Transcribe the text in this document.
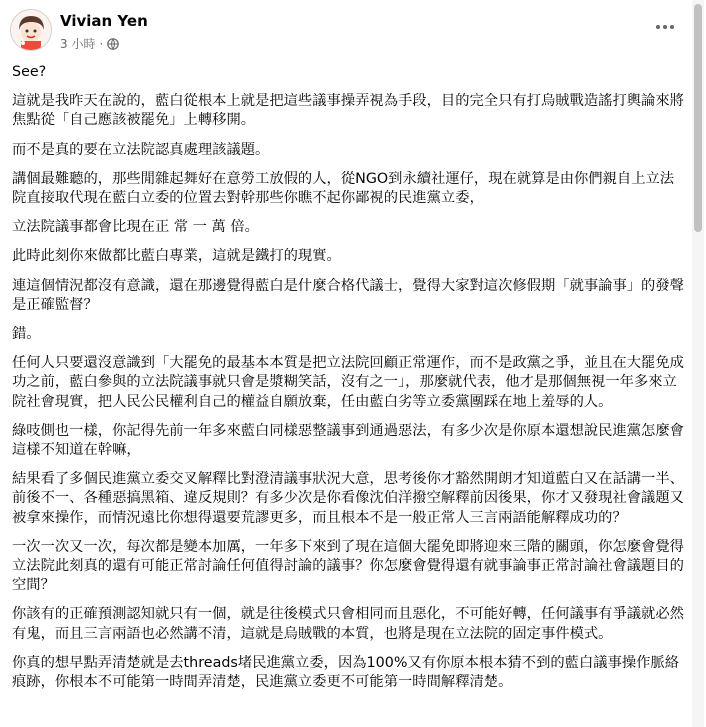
Vivian Yen
3 小時 ·

See?

這就是我昨天在說的，藍白從根本上就是把這些議事操弄視為手段，目的完全只有打烏賊戰造謠打輿論來將焦點從「自己應該被罷免」上轉移開。

而不是真的要在立法院認真處理該議題。

講個最難聽的，那些閒雜起舞好在意勞工放假的人，從NGO到永續社運仔，現在就算是由你們親自上立法院直接取代現在藍白立委的位置去對幹那些你瞧不起你鄙視的民進黨立委，

立法院議事都會比現在正 常 一 萬 倍。

此時此刻你來做都比藍白專業，這就是鐵打的現實。

連這個情況都沒有意識，還在那邊覺得藍白是什麼合格代議士，覺得大家對這次修假期「就事論事」的發聲是正確監督？

錯。

任何人只要還沒意識到「大罷免的最基本本質是把立法院回顧正常運作，而不是政黨之爭，並且在大罷免成功之前，藍白參與的立法院議事就只會是漿糊笑話，沒有之一」，那麼就代表，他才是那個無視一年多來立院社會現實，把人民公民權利自己的權益自願放棄，任由藍白劣等立委黨團踩在地上羞辱的人。

綠吱側也一樣，你記得先前一年多來藍白同樣惡整議事到通過惡法，有多少次是你原本還想說民進黨怎麼會這樣不知道在幹嘛，

結果看了多個民進黨立委交叉解釋比對澄清議事狀況大意，思考後你才豁然開朗才知道藍白又在話講一半、前後不一、各種惡搞黑箱、違反規則？有多少次是你看像沈伯洋撥空解釋前因後果，你才又發現社會議題又被拿來操作，而情況遠比你想得還要荒謬更多，而且根本不是一般正常人三言兩語能解釋成功的？

一次一次又一次，每次都是變本加厲，一年多下來到了現在這個大罷免即將迎來三階的關頭，你怎麼會覺得立法院此刻真的還有可能正常討論任何值得討論的議事？你怎麼會覺得還有就事論事正常討論社會議題目的空間？

你該有的正確預測認知就只有一個，就是往後模式只會相同而且惡化，不可能好轉，任何議事有爭議就必然有鬼，而且三言兩語也必然講不清，這就是烏賊戰的本質，也將是現在立法院的固定事件模式。

你真的想早點弄清楚就是去threads堵民進黨立委，因為100%又有你原本根本猜不到的藍白議事操作脈絡痕跡，你根本不可能第一時間弄清楚，民進黨立委更不可能第一時間解釋清楚。
